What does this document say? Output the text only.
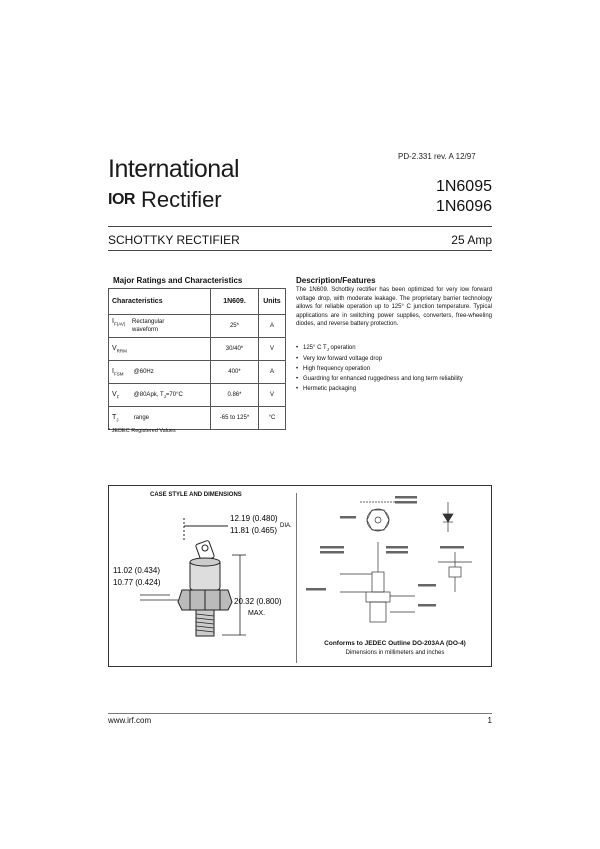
PD-2.331 rev. A 12/97
International
IOR Rectifier
1N6095
1N6096
SCHOTTKY RECTIFIER	25 Amp
Major Ratings and Characteristics
Characteristics	1N609.	Units

$I_{F(AV)}$ Rectangular waveform	25*	A
$V_{RRM}$	30/40*	V
$I_{FSM}$ @60Hz	400*	A
$V_F$ @80Apk, $T_J=70^\circ C$	0.86*	V
$T_J$ range	-65 to 125*	°C
* JEDEC Registered Values
Description/Features
The 1N609. Schottky rectifier has been optimized for very low forward voltage drop, with moderate leakage. The proprietary barrier technology allows for reliable operation up to 125° C junction temperature. Typical applications are in switching power supplies, converters, free-wheeling diodes, and reverse battery protection.
• 125° C $T_J$ operation
• Very low forward voltage drop
• High frequency operation
• Guardring for enhanced ruggedness and long term reliability
• Hermetic packaging
CASE STYLE AND DIMENSIONS
12.19 (0.480)
11.81 (0.465) DIA.
11.02 (0.434)
10.77 (0.424)
20.32 (0.800)
MAX.
Conforms to JEDEC Outline DO-203AA (DO-4)
Dimensions in millimeters and inches
www.irf.com	1
